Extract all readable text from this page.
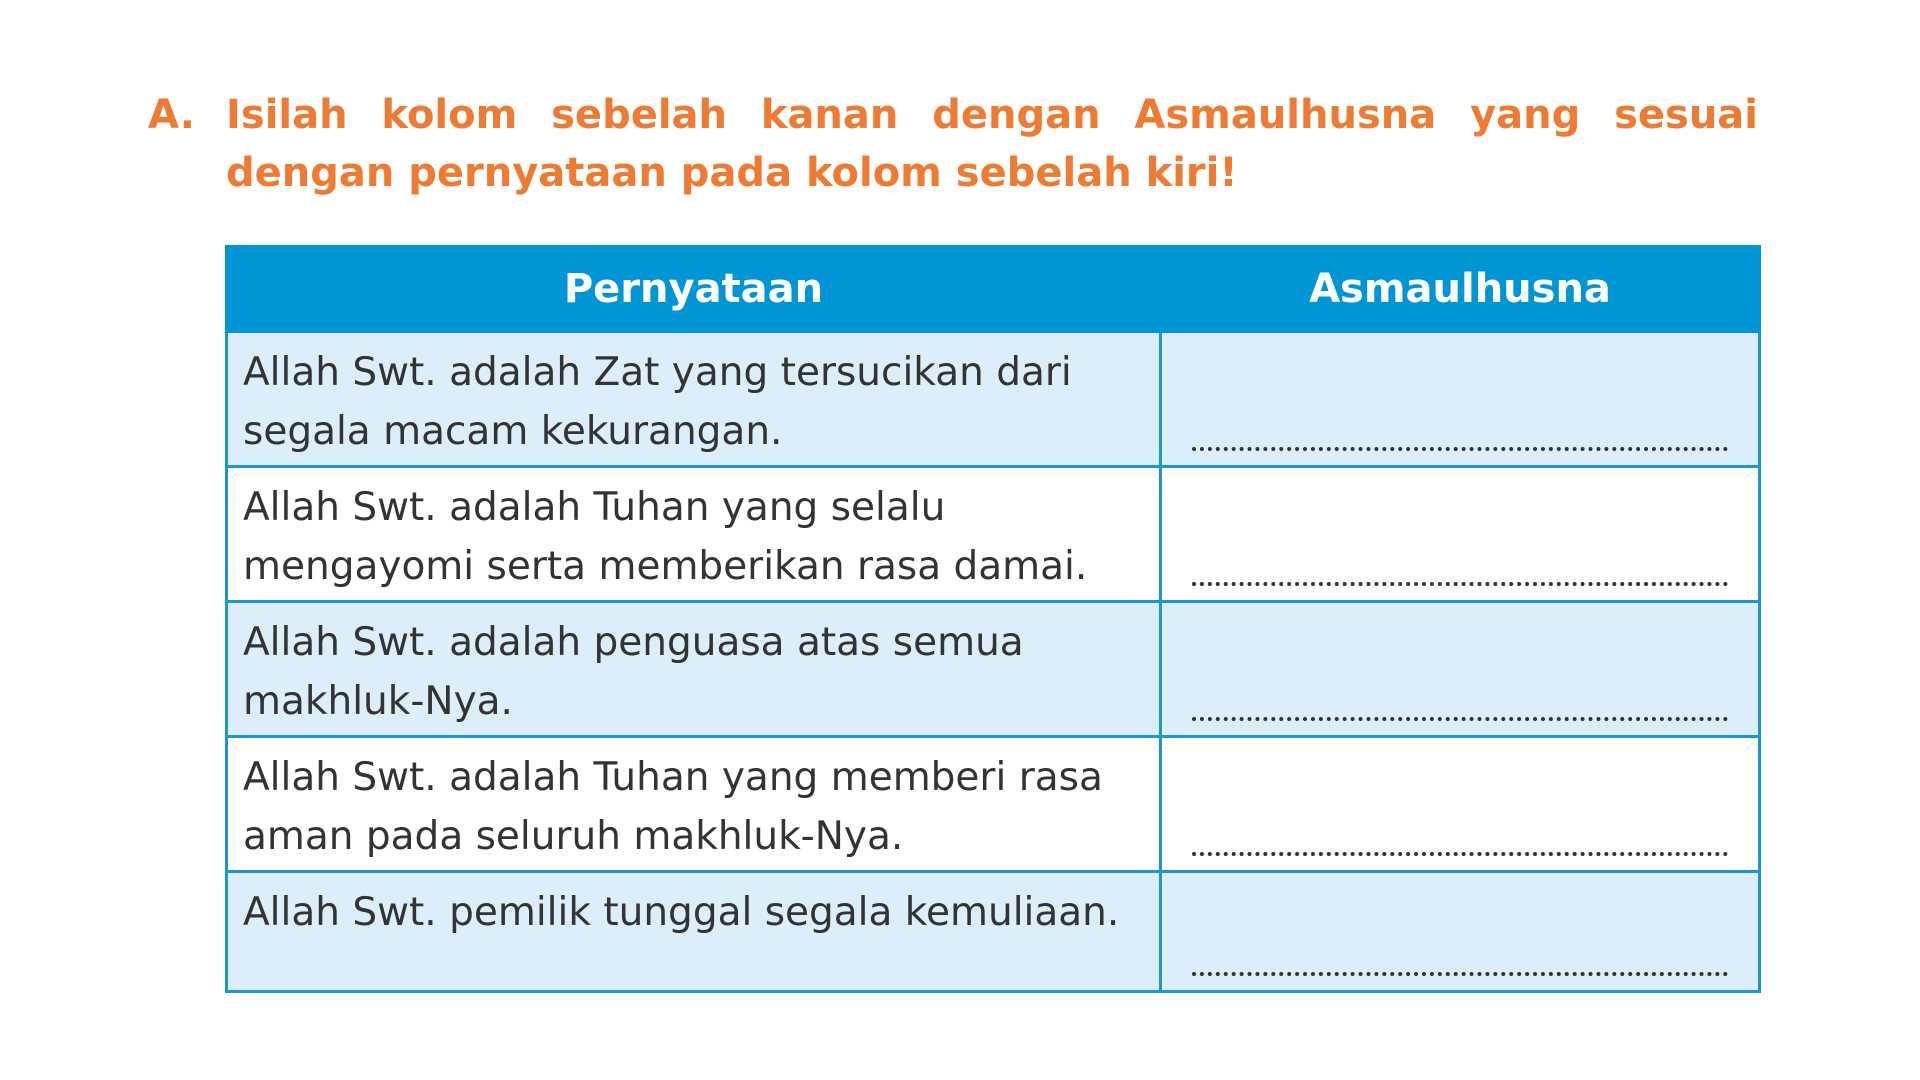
A. Isilah kolom sebelah kanan dengan Asmaulhusna yang sesuai dengan pernyataan pada kolom sebelah kiri!
Pernyataan	Asmaulhusna
Allah Swt. adalah Zat yang tersucikan dari segala macam kekurangan.	

Allah Swt. adalah Tuhan yang selalu mengayomi serta memberikan rasa damai.	

Allah Swt. adalah penguasa atas semua makhluk-Nya.	

Allah Swt. adalah Tuhan yang memberi rasa aman pada seluruh makhluk-Nya.	

Allah Swt. pemilik tunggal segala kemuliaan.	
